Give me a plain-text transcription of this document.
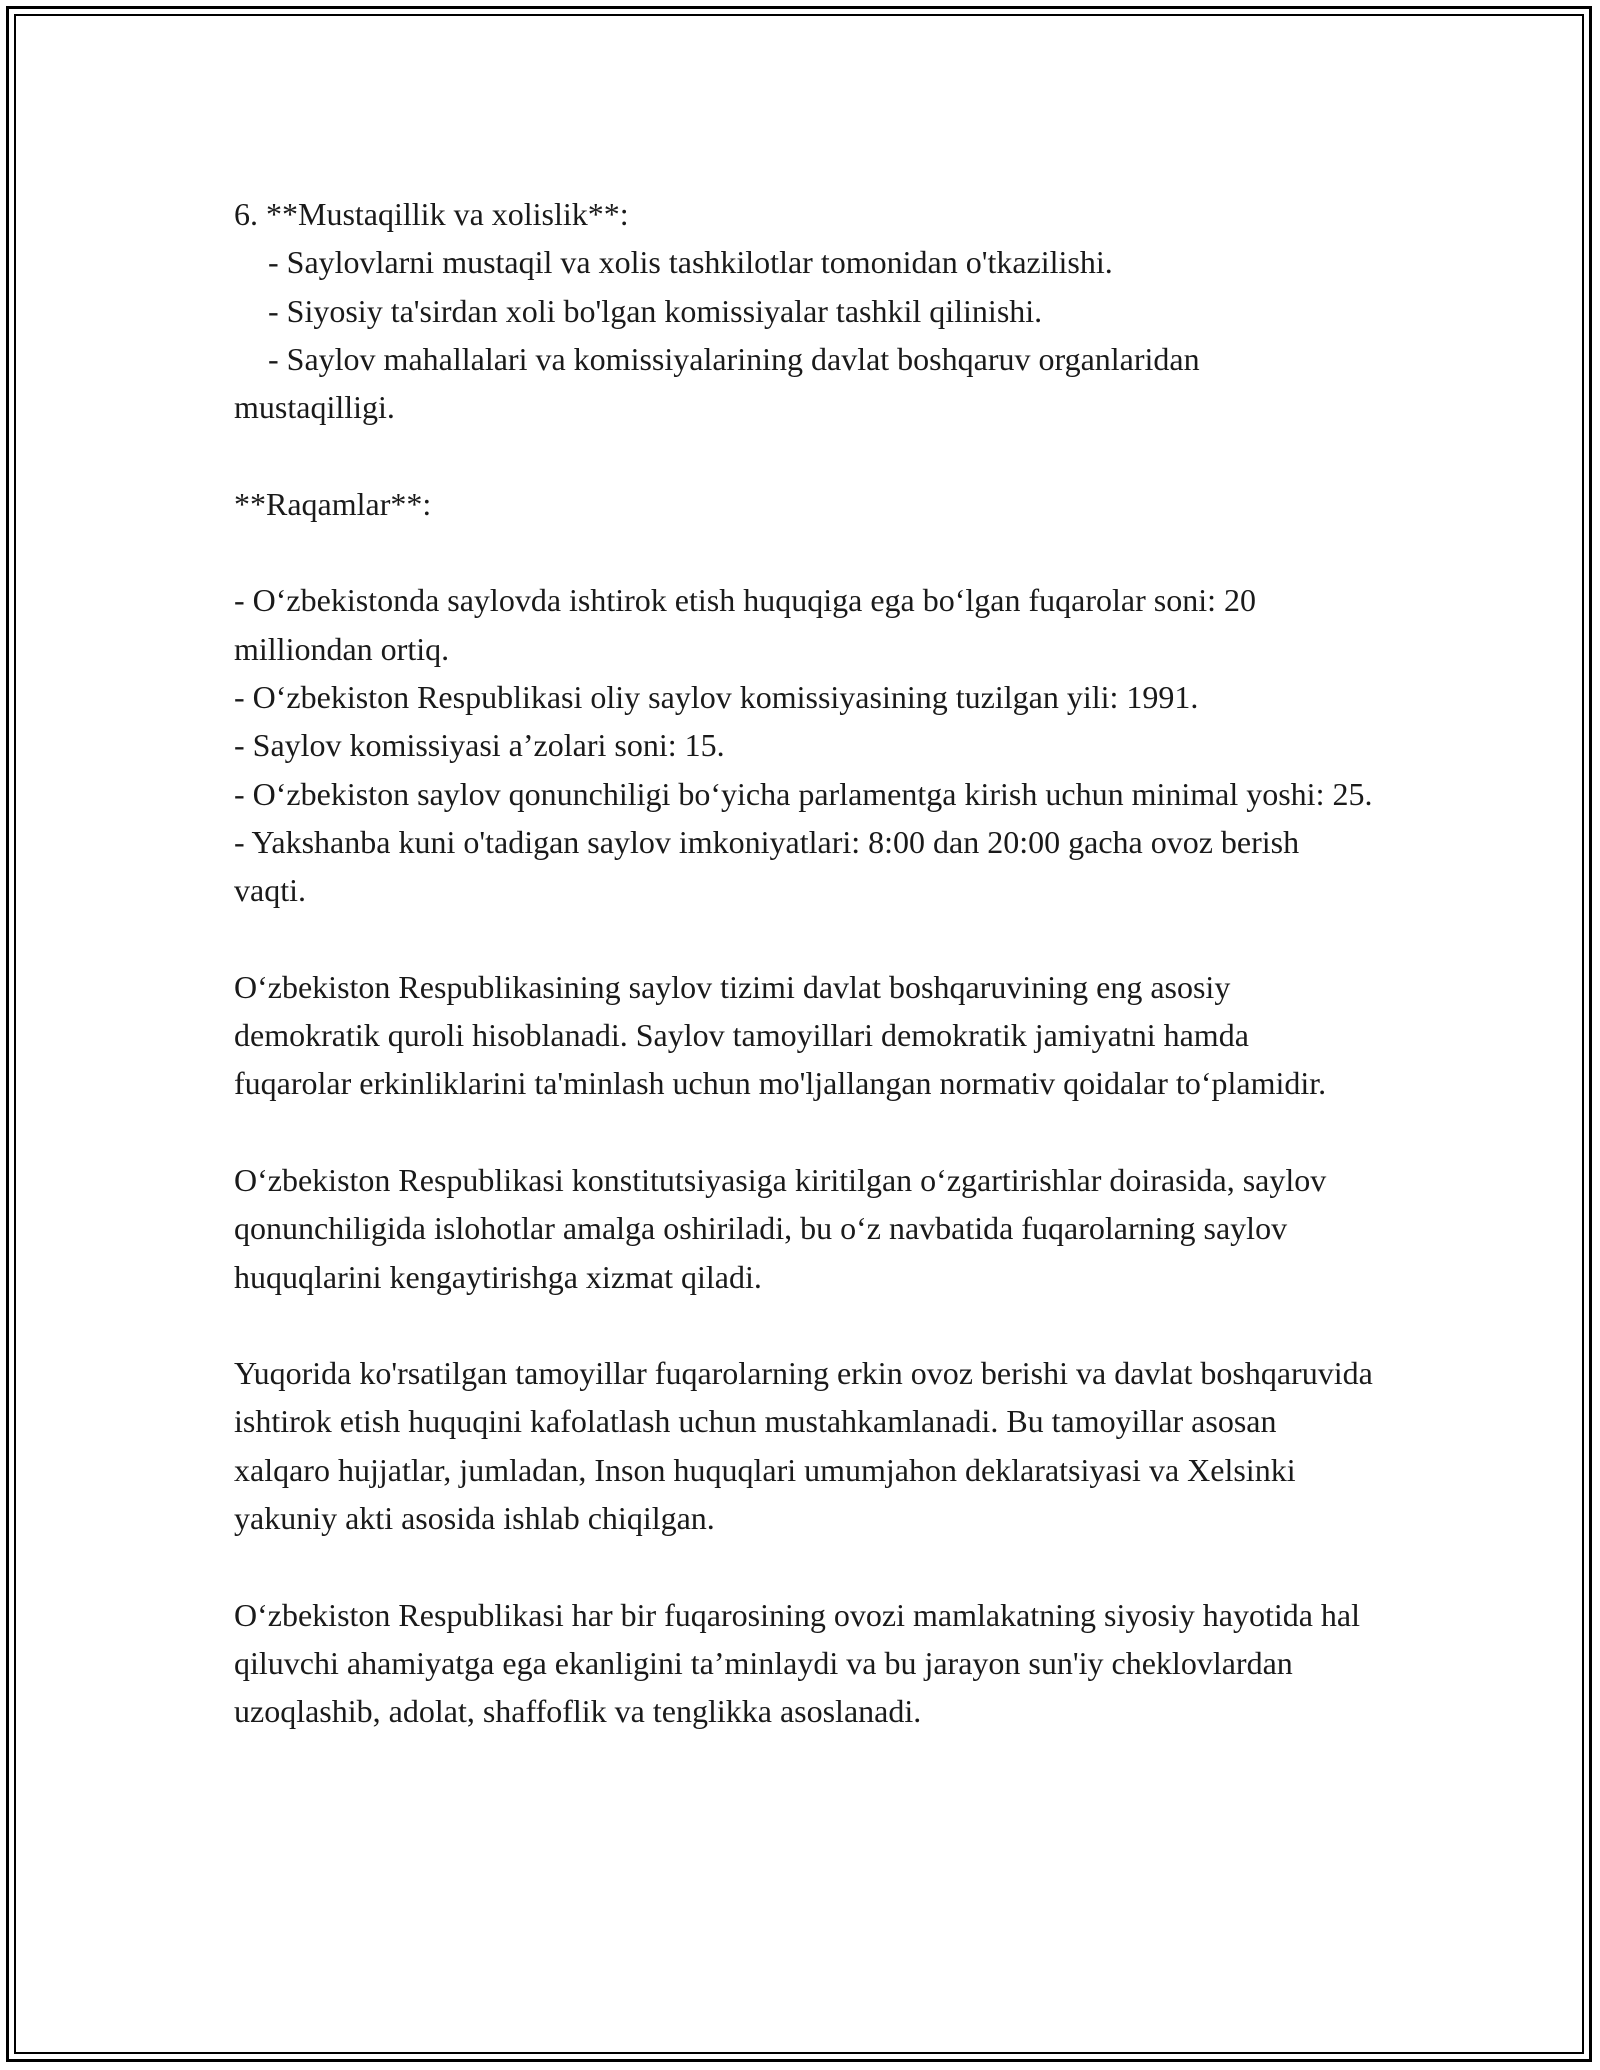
6. **Mustaqillik va xolislik**:

- Saylovlarni mustaqil va xolis tashkilotlar tomonidan o'tkazilishi.

- Siyosiy ta'sirdan xoli bo'lgan komissiyalar tashkil qilinishi.

- Saylov mahallalari va komissiyalarining davlat boshqaruv organlaridan

mustaqilligi.

**Raqamlar**:

- O‘zbekistonda saylovda ishtirok etish huquqiga ega bo‘lgan fuqarolar soni: 20 milliondan ortiq.

- O‘zbekiston Respublikasi oliy saylov komissiyasining tuzilgan yili: 1991.

- Saylov komissiyasi a’zolari soni: 15.

- O‘zbekiston saylov qonunchiligi bo‘yicha parlamentga kirish uchun minimal yoshi: 25.

- Yakshanba kuni o'tadigan saylov imkoniyatlari: 8:00 dan 20:00 gacha ovoz berish vaqti.

O‘zbekiston Respublikasining saylov tizimi davlat boshqaruvining eng asosiy demokratik quroli hisoblanadi. Saylov tamoyillari demokratik jamiyatni hamda fuqarolar erkinliklarini ta'minlash uchun mo'ljallangan normativ qoidalar to‘plamidir.

O‘zbekiston Respublikasi konstitutsiyasiga kiritilgan o‘zgartirishlar doirasida, saylov qonunchiligida islohotlar amalga oshiriladi, bu o‘z navbatida fuqarolarning saylov huquqlarini kengaytirishga xizmat qiladi.

Yuqorida ko'rsatilgan tamoyillar fuqarolarning erkin ovoz berishi va davlat boshqaruvida ishtirok etish huquqini kafolatlash uchun mustahkamlanadi. Bu tamoyillar asosan xalqaro hujjatlar, jumladan, Inson huquqlari umumjahon deklaratsiyasi va Xelsinki yakuniy akti asosida ishlab chiqilgan.

O‘zbekiston Respublikasi har bir fuqarosining ovozi mamlakatning siyosiy hayotida hal qiluvchi ahamiyatga ega ekanligini ta’minlaydi va bu jarayon sun'iy cheklovlardan uzoqlashib, adolat, shaffoflik va tenglikka asoslanadi.
